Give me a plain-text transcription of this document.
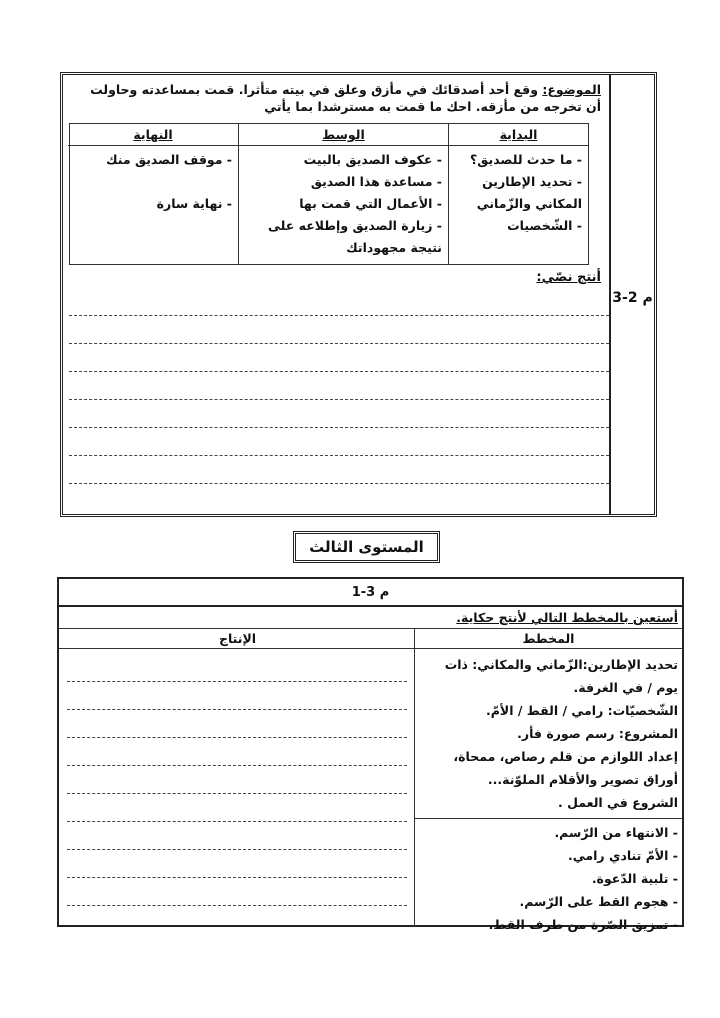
م 2-3
الموضوع: وقع أحد أصدقائك في مأزق وعلق في بيته متأثرا. قمت بمساعدته وحاولت أن تخرجه من مأزقه. احك ما قمت به مسترشدا بما يأتي
البداية
- ما حدث للصديق؟
- تحديد الإطارين
المكاني والزّماني
- الشّخصيات
الوسط
- عكوف الصديق بالبيت
- مساعدة هذا الصديق
- الأعمال التي قمت بها
- زيارة الصديق وإطلاعه على
نتيجة مجهوداتك
النهاية
- موقف الصديق منك
- نهاية سارة
أنتج نصّي:
المستوى الثالث
م 3-1
أستعين بالمخطط التالي لأنتج حكاية.
المخطط
تحديد الإطارين:الزّماني والمكاني: ذات
يوم / في الغرفة.
الشّخصيّات: رامي / القط / الأمّ.
المشروع: رسم صورة فأر.
إعداد اللوازم من قلم رصاص، ممحاة،
أوراق تصوير والأقلام الملوّنة...
الشروع في العمل .
- الانتهاء من الرّسم.
- الأمّ تنادي رامي.
- تلبية الدّعوة.
- هجوم القط على الرّسم.
- تمزيق الصّرة من طرف القط.
الإنتاج
